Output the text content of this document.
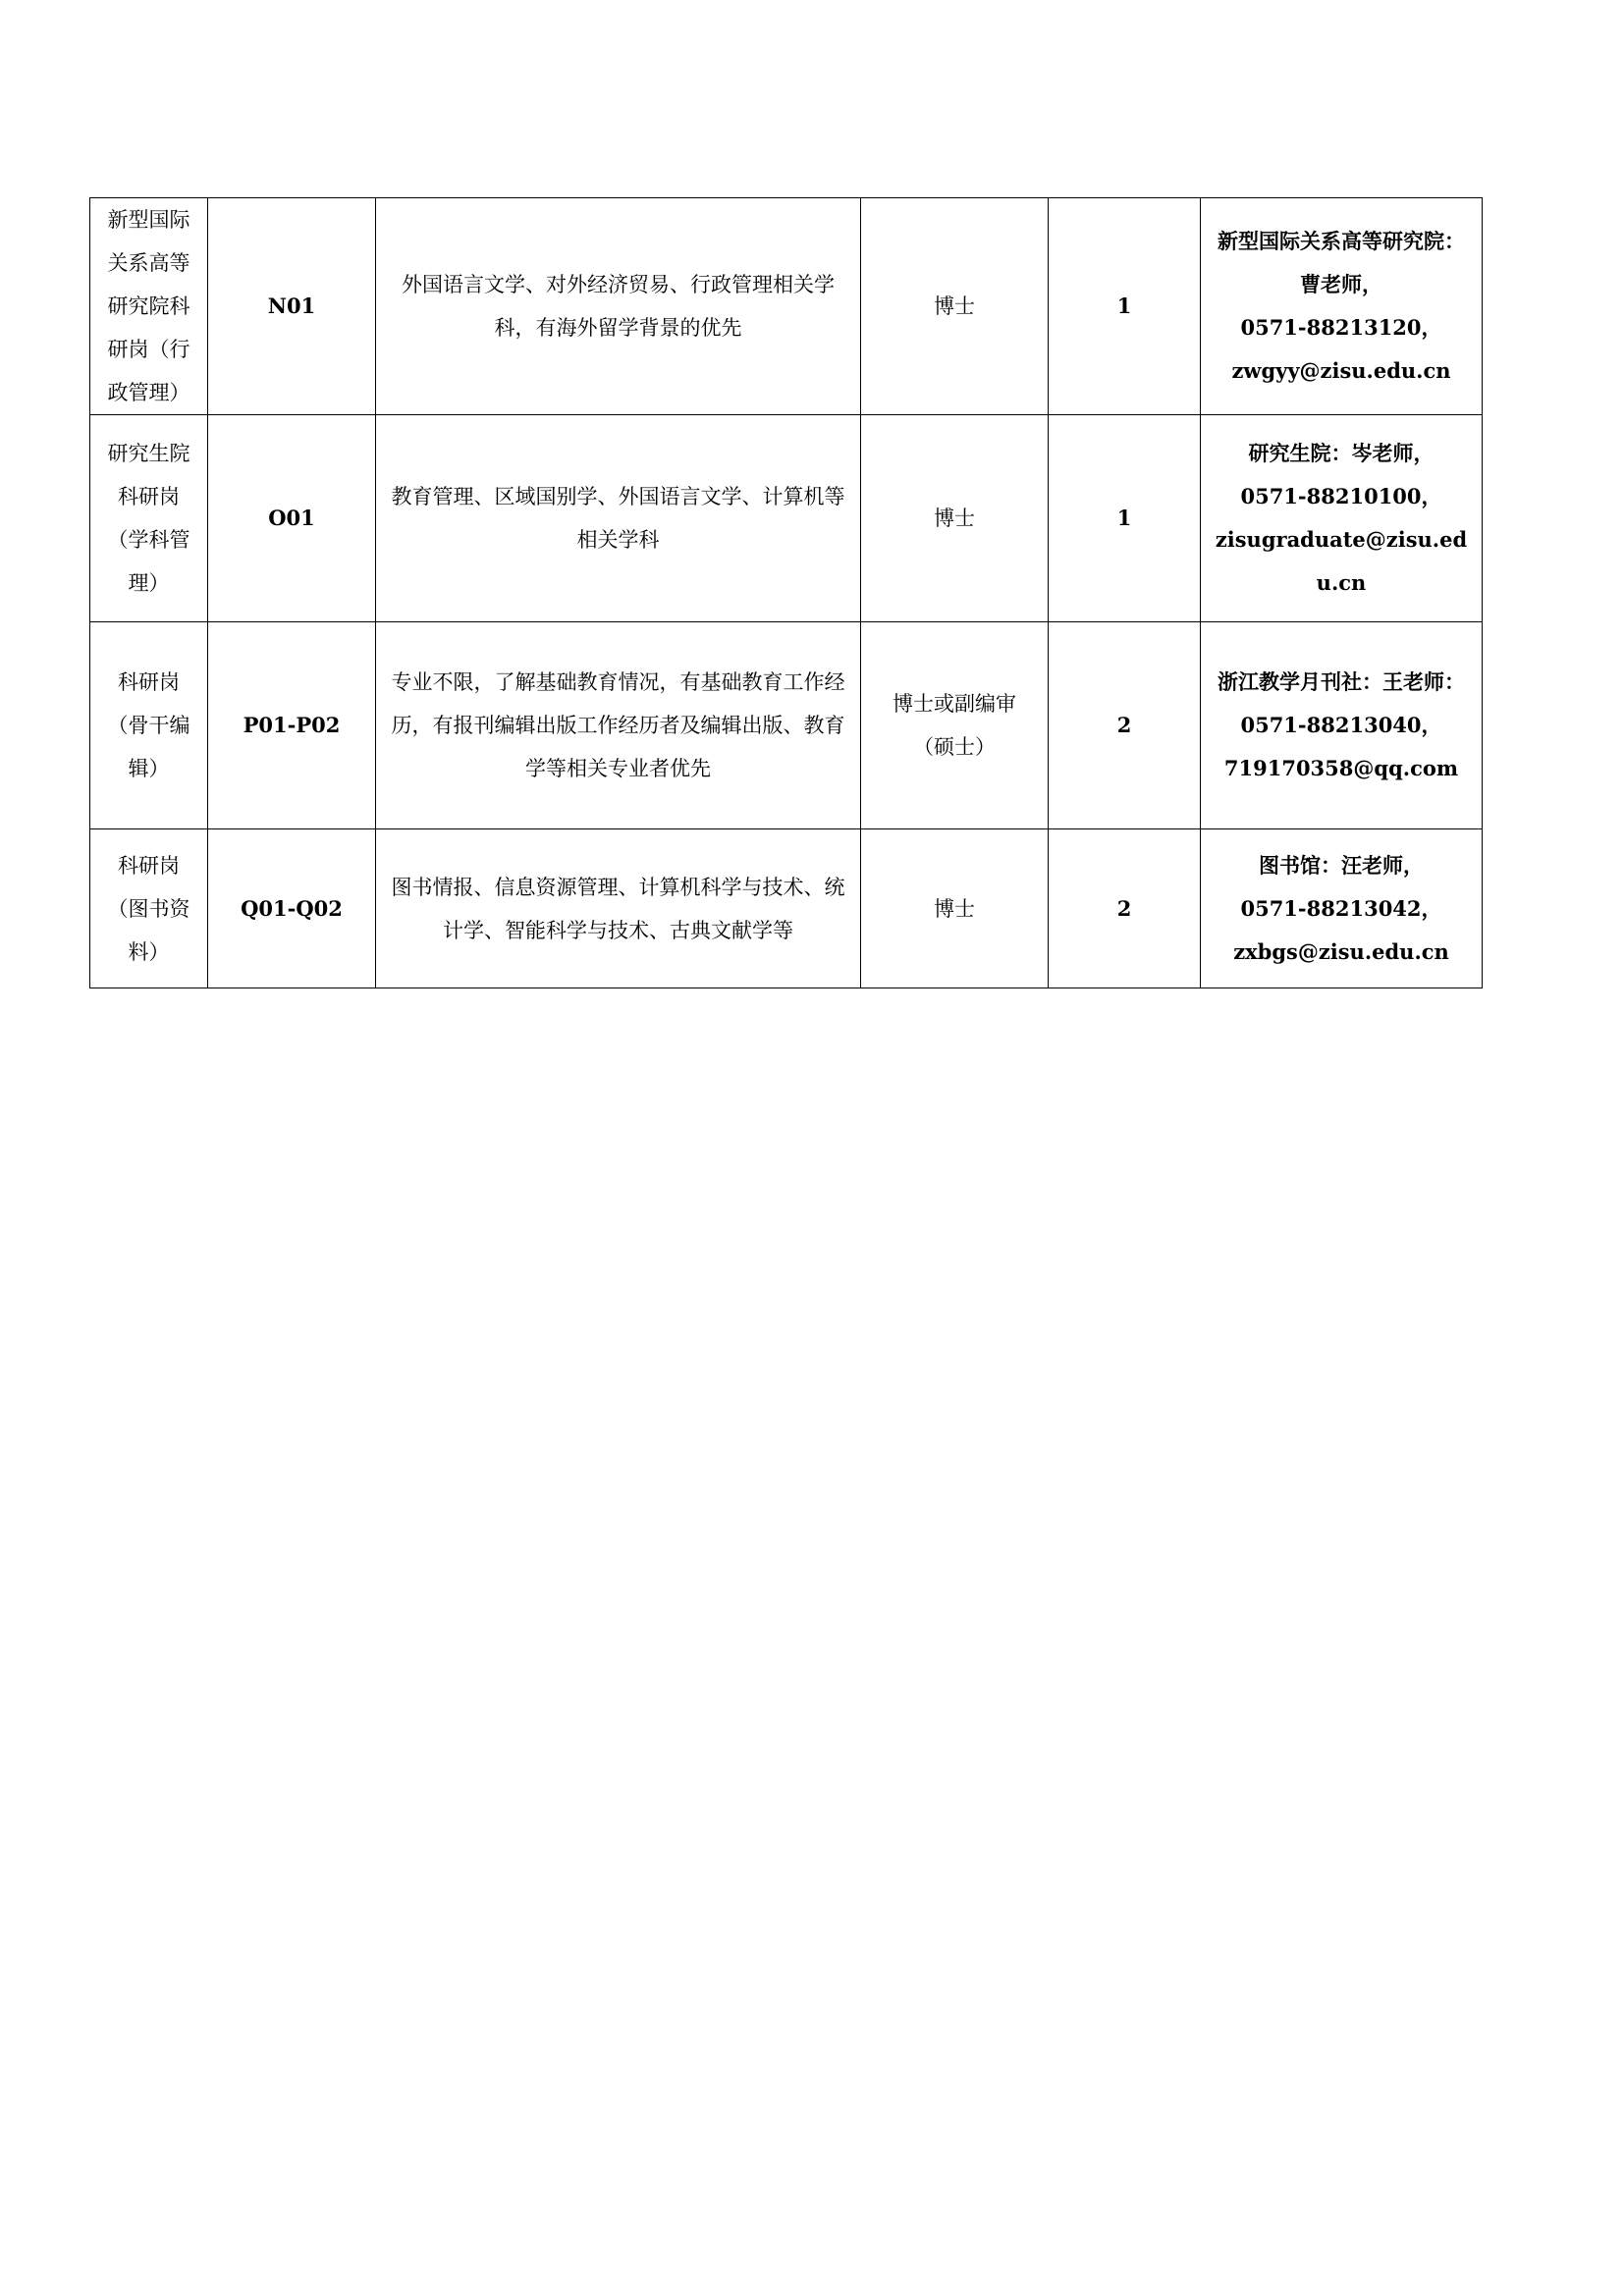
新型国际关系高等研究院科研岗（行政管理）	N01	外国语言文学、对外经济贸易、行政管理相关学科，有海外留学背景的优先	博士	1	新型国际关系高等研究院：曹老师，
0571-88213120，
zwgyy@zisu.edu.cn

研究生院科研岗（学科管理）	O01	教育管理、区域国别学、外国语言文学、计算机等相关学科	博士	1	研究生院：岑老师，
0571-88210100，
zisugraduate@zisu.edu.cn

科研岗（骨干编辑）	P01-P02	专业不限，了解基础教育情况，有基础教育工作经历，有报刊编辑出版工作经历者及编辑出版、教育学等相关专业者优先	博士或副编审（硕士）	2	浙江教学月刊社：王老师：
0571-88213040，
719170358@qq.com

科研岗（图书资料）	Q01-Q02	图书情报、信息资源管理、计算机科学与技术、统计学、智能科学与技术、古典文献学等	博士	2	图书馆：汪老师，
0571-88213042，
zxbgs@zisu.edu.cn
